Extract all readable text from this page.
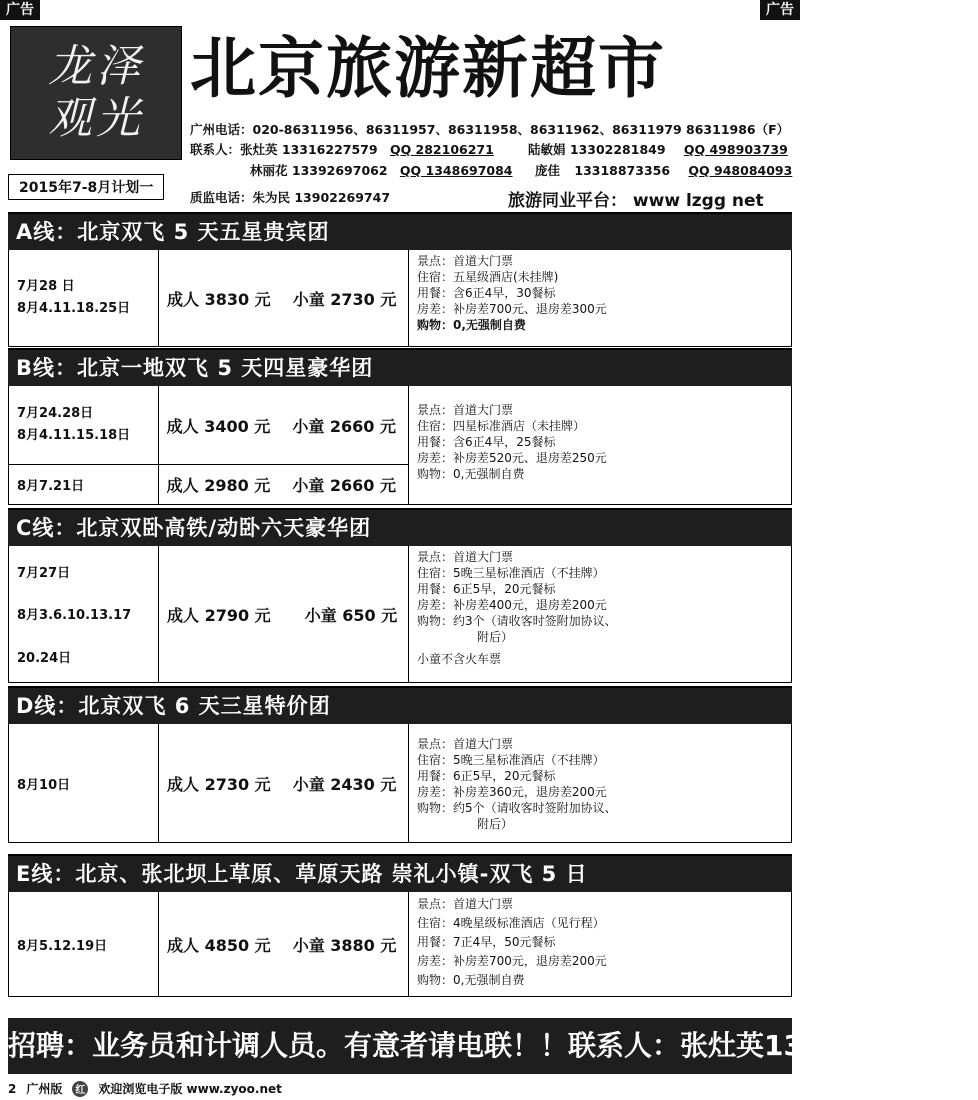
广告	广告
龙泽
观光
北京旅游新超市
广州电话：020-86311956、86311957、86311958、86311962、86311979 86311986（F）
联系人：张灶英 13316227579 QQ 282106271	陆敏娟 13302281849 QQ 498903739
林丽花 13392697062 QQ 1348697084 庞佳 13318873356 QQ 948084093
2015年7-8月计划一
质监电话：朱为民 13902269747	旅游同业平台： www lzgg net
A线：北京双飞 5 天五星贵宾团
7月28 日
8月4.11.18.25日	成人 3830 元 小童 2730 元
景点：首道大门票
住宿：五星级酒店(未挂牌)
用餐：含6正4早，30餐标
房差：补房差700元、退房差300元
购物：0,无强制自费
B线：北京一地双飞 5 天四星豪华团
7月24.28日
8月4.11.15.18日	成人 3400 元 小童 2660 元
8月7.21日	成人 2980 元 小童 2660 元
景点：首道大门票
住宿：四星标准酒店（未挂牌）
用餐：含6正4早，25餐标
房差：补房差520元、退房差250元
购物：0,无强制自费
C线：北京双卧高铁/动卧六天豪华团
7月27日
8月3.6.10.13.17
20.24日
成人 2790 元 小童 650 元
景点：首道大门票
住宿：5晚三星标准酒店（不挂牌）
用餐：6正5早，20元餐标
房差：补房差400元，退房差200元
购物：约3个（请收客时签附加协议、
附后）
小童不含火车票
D线：北京双飞 6 天三星特价团
8月10日	成人 2730 元 小童 2430 元
景点：首道大门票
住宿：5晚三星标准酒店（不挂牌）
用餐：6正5早，20元餐标
房差：补房差360元，退房差200元
购物：约5个（请收客时签附加协议、
附后）
E线：北京、张北坝上草原、草原天路 崇礼小镇-双飞 5 日
8月5.12.19日	成人 4850 元 小童 3880 元
景点：首道大门票
住宿：4晚星级标准酒店（见行程）
用餐：7正4早，50元餐标
房差：补房差700元，退房差200元
购物：0,无强制自费
招聘：业务员和计调人员。有意者请电联！！联系人：张灶英13316227579
2 广州版	红 欢迎浏览电子版 www.zyoo.net
